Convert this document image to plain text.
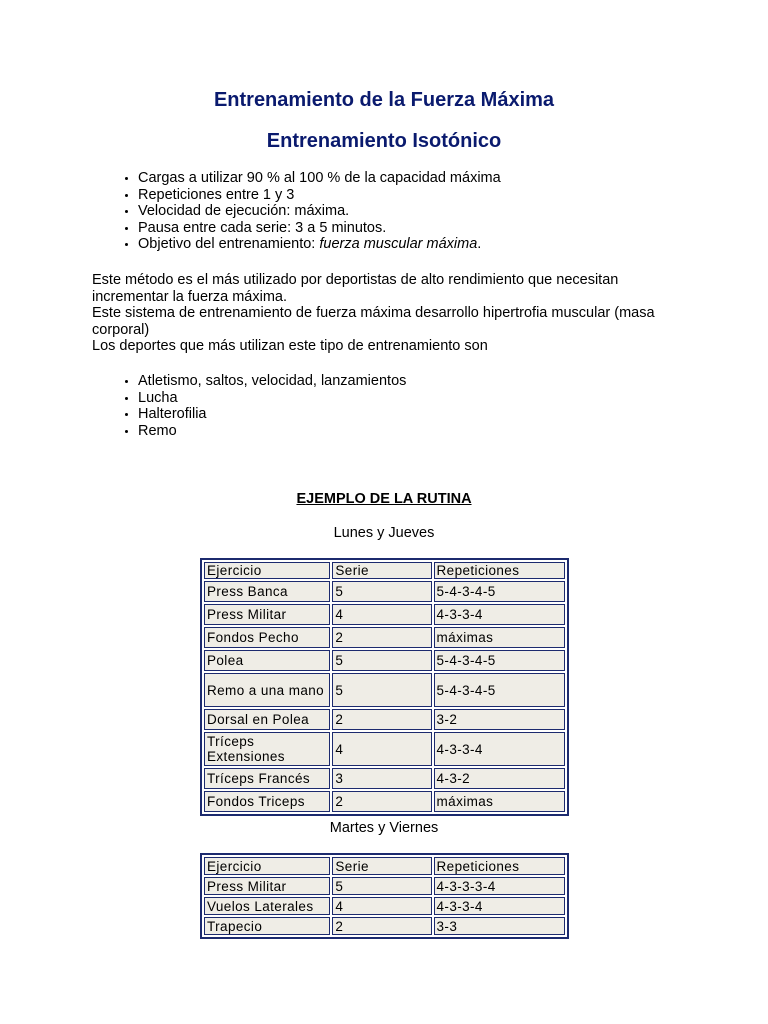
Entrenamiento de la Fuerza Máxima
Entrenamiento Isotónico
• Cargas a utilizar 90 % al 100 % de la capacidad máxima
• Repeticiones entre 1 y 3
• Velocidad de ejecución: máxima.
• Pausa entre cada serie: 3 a 5 minutos.
• Objetivo del entrenamiento: fuerza muscular máxima.
Este método es el más utilizado por deportistas de alto rendimiento que necesitan incrementar la fuerza máxima.
Este sistema de entrenamiento de fuerza máxima desarrollo hipertrofia muscular (masa corporal)
Los deportes que más utilizan este tipo de entrenamiento son
• Atletismo, saltos, velocidad, lanzamientos
• Lucha
• Halterofilia
• Remo

EJEMPLO DE LA RUTINA

Lunes y Jueves

Ejercicio	Serie	Repeticiones
Press Banca	5	5-4-3-4-5
Press Militar	4	4-3-3-4
Fondos Pecho	2	máximas
Polea	5	5-4-3-4-5
Remo a una mano	5	5-4-3-4-5
Dorsal en Polea	2	3-2
Tríceps Extensiones	4	4-3-3-4
Tríceps Francés	3	4-3-2
Fondos Triceps	2	máximas

Martes y Viernes

Ejercicio	Serie	Repeticiones
Press Militar	5	4-3-3-3-4
Vuelos Laterales	4	4-3-3-4
Trapecio	2	3-3
